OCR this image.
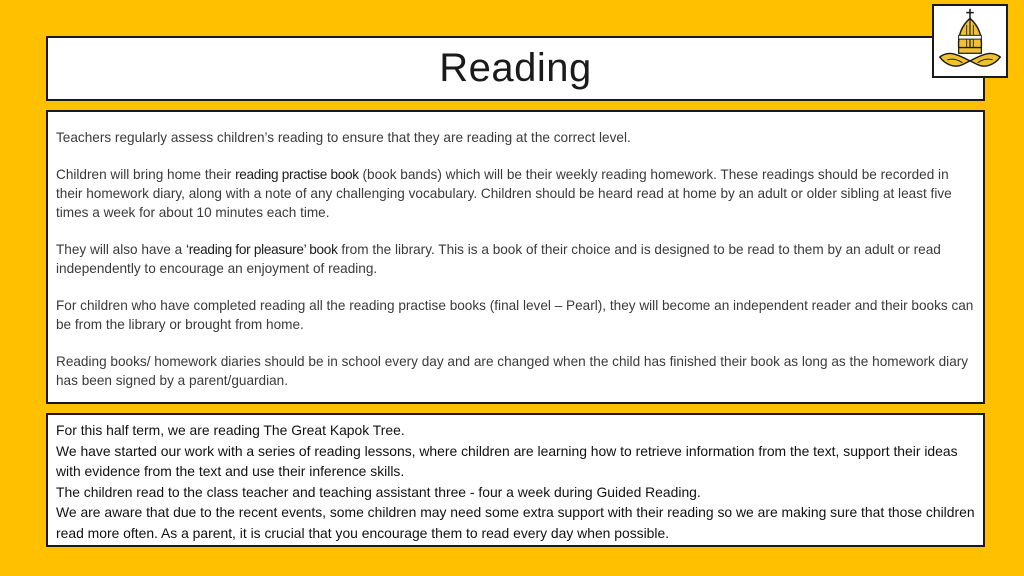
Reading

Teachers regularly assess children’s reading to ensure that they are reading at the correct level.

Children will bring home their reading practise book (book bands) which will be their weekly reading homework. These readings should be recorded in their homework diary, along with a note of any challenging vocabulary. Children should be heard read at home by an adult or older sibling at least five times a week for about 10 minutes each time.

They will also have a ‘reading for pleasure’ book from the library. This is a book of their choice and is designed to be read to them by an adult or read independently to encourage an enjoyment of reading.

For children who have completed reading all the reading practise books (final level – Pearl), they will become an independent reader and their books can be from the library or brought from home.

Reading books/ homework diaries should be in school every day and are changed when the child has finished their book as long as the homework diary has been signed by a parent/guardian.

For this half term, we are reading The Great Kapok Tree.
We have started our work with a series of reading lessons, where children are learning how to retrieve information from the text, support their ideas with evidence from the text and use their inference skills.
The children read to the class teacher and teaching assistant three - four a week during Guided Reading.
We are aware that due to the recent events, some children may need some extra support with their reading so we are making sure that those children read more often. As a parent, it is crucial that you encourage them to read every day when possible.
